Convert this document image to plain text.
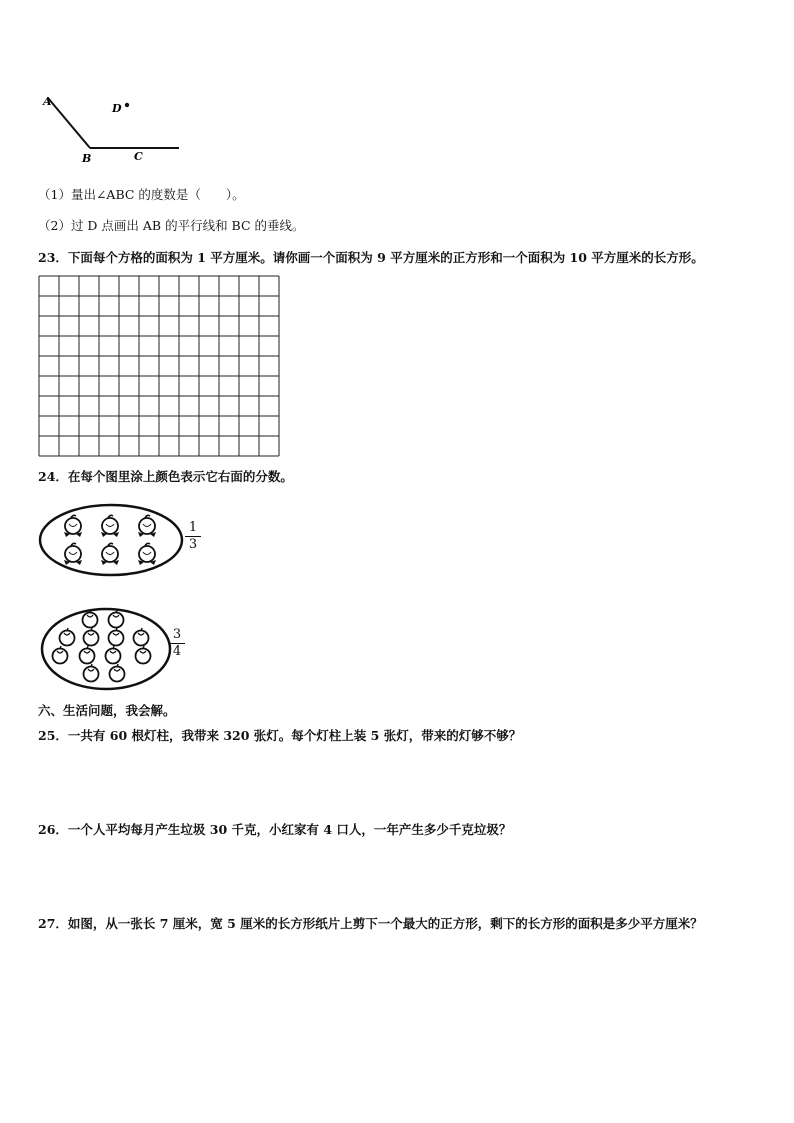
A
D
B	C
（1）量出∠ABC 的度数是（　　）。
（2）过 D 点画出 AB 的平行线和 BC 的垂线。
23．下面每个方格的面积为 1 平方厘米。请你画一个面积为 9 平方厘米的正方形和一个面积为 10 平方厘米的长方形。
24．在每个图里涂上颜色表示它右面的分数。
1
3
3
4
六、生活问题，我会解。
25．一共有 60 根灯柱，我带来 320 张灯。每个灯柱上装 5 张灯，带来的灯够不够？
26．一个人平均每月产生垃圾 30 千克，小红家有 4 口人，一年产生多少千克垃圾？
27．如图，从一张长 7 厘米，宽 5 厘米的长方形纸片上剪下一个最大的正方形，剩下的长方形的面积是多少平方厘米？
